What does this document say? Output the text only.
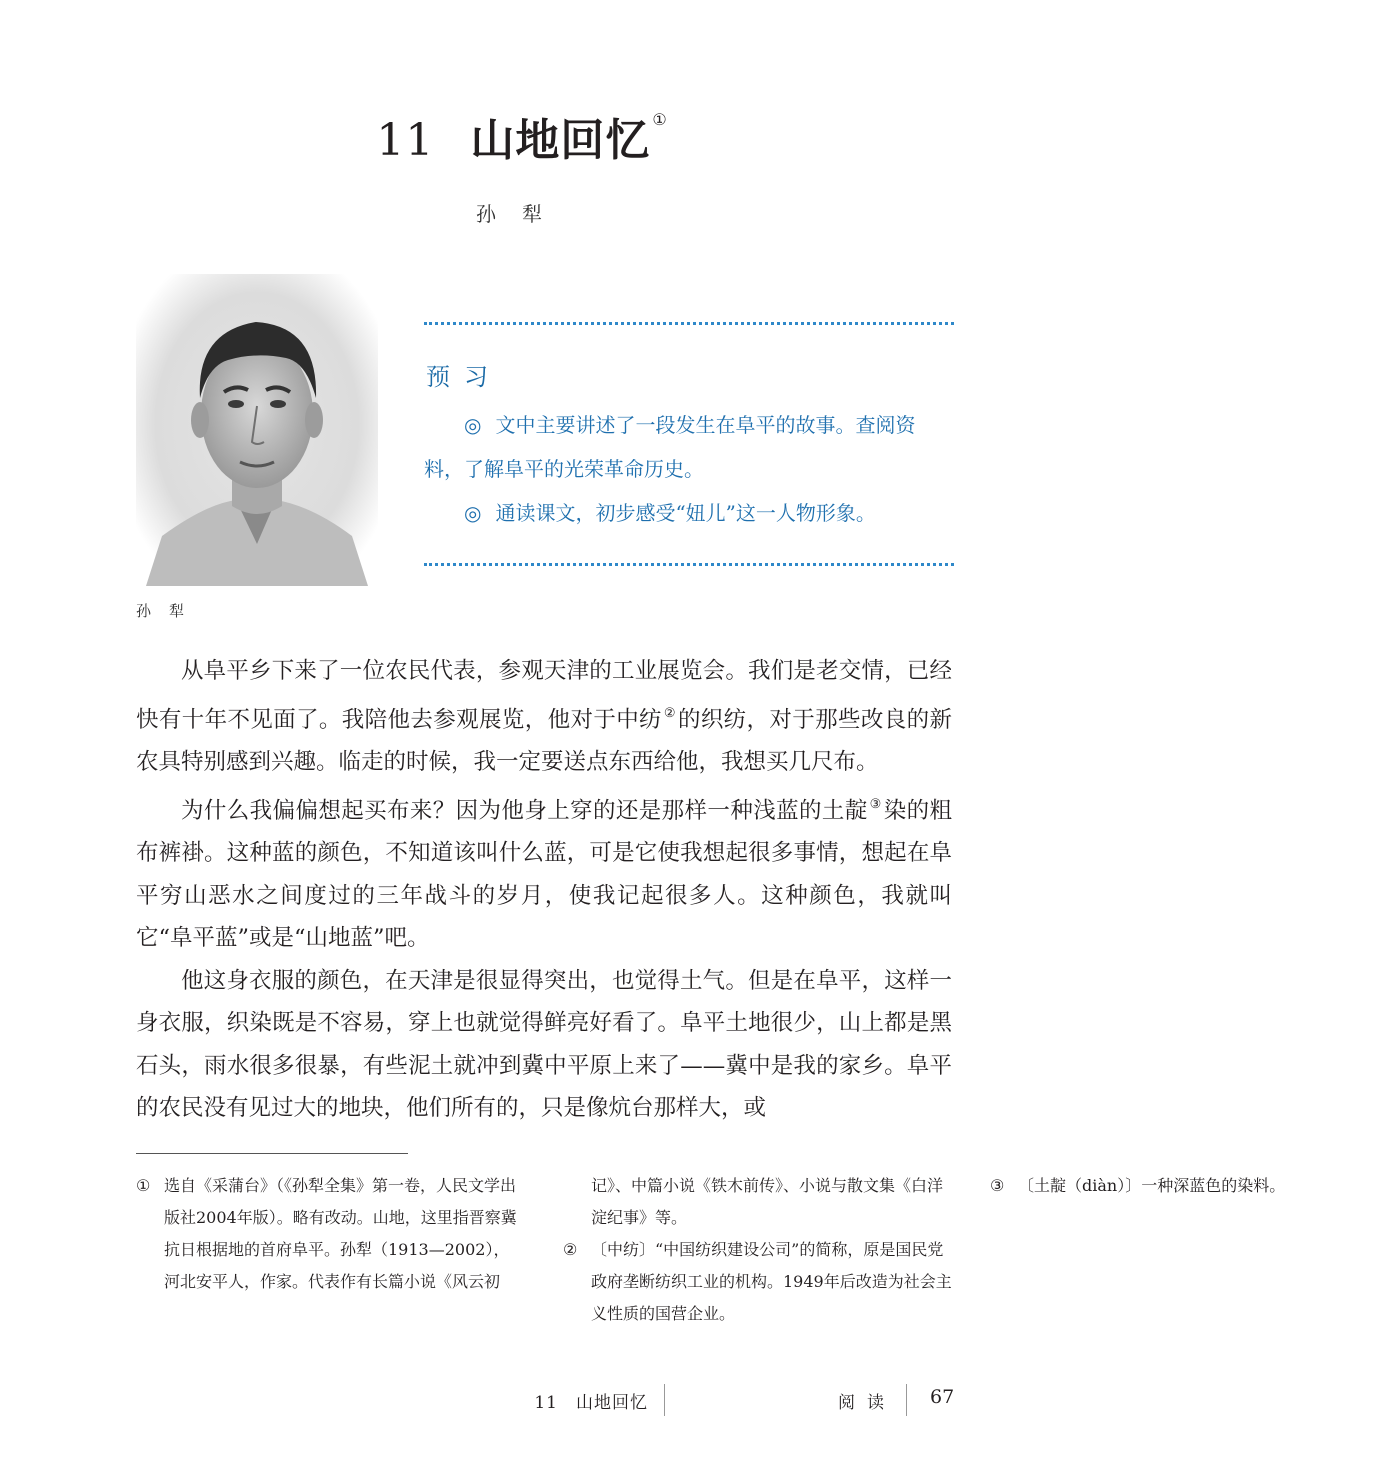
11 山地回忆 ①
孙犁
孙犁
预习

◎ 文中主要讲述了一段发生在阜平的故事。查阅资料，了解阜平的光荣革命历史。

◎ 通读课文，初步感受“妞儿”这一人物形象。

从阜平乡下来了一位农民代表，参观天津的工业展览会。我们是老交情，已经快有十年不见面了。我陪他去参观展览，他对于中纺 ②的织纺，对于那些改良的新农具特别感到兴趣。临走的时候，我一定要送点东西给他，我想买几尺布。

为什么我偏偏想起买布来？因为他身上穿的还是那样一种浅蓝的土靛 ③染的粗布裤褂。这种蓝的颜色，不知道该叫什么蓝，可是它使我想起很多事情，想起在阜平穷山恶水之间度过的三年战斗的岁月，使我记起很多人。这种颜色，我就叫它“阜平蓝”或是“山地蓝”吧。

他这身衣服的颜色，在天津是很显得突出，也觉得土气。但是在阜平，这样一身衣服，织染既是不容易，穿上也就觉得鲜亮好看了。阜平土地很少，山上都是黑石头，雨水很多很暴，有些泥土就冲到冀中平原上来了——冀中是我的家乡。阜平的农民没有见过大的地块，他们所有的，只是像炕台那样大，或

① 选自《采蒲台》（《孙犁全集》第一卷，人民文学出版社2004年版）。略有改动。山地，这里指晋察冀抗日根据地的首府阜平。孙犁（1913—2002），河北安平人，作家。代表作有长篇小说《风云初记》、中篇小说《铁木前传》、小说与散文集《白洋淀纪事》等。

② 〔中纺〕“中国纺织建设公司”的简称，原是国民党政府垄断纺织工业的机构。1949年后改造为社会主义性质的国营企业。

③ 〔土靛（diàn）〕一种深蓝色的染料。

11　山地回忆	阅读 67
